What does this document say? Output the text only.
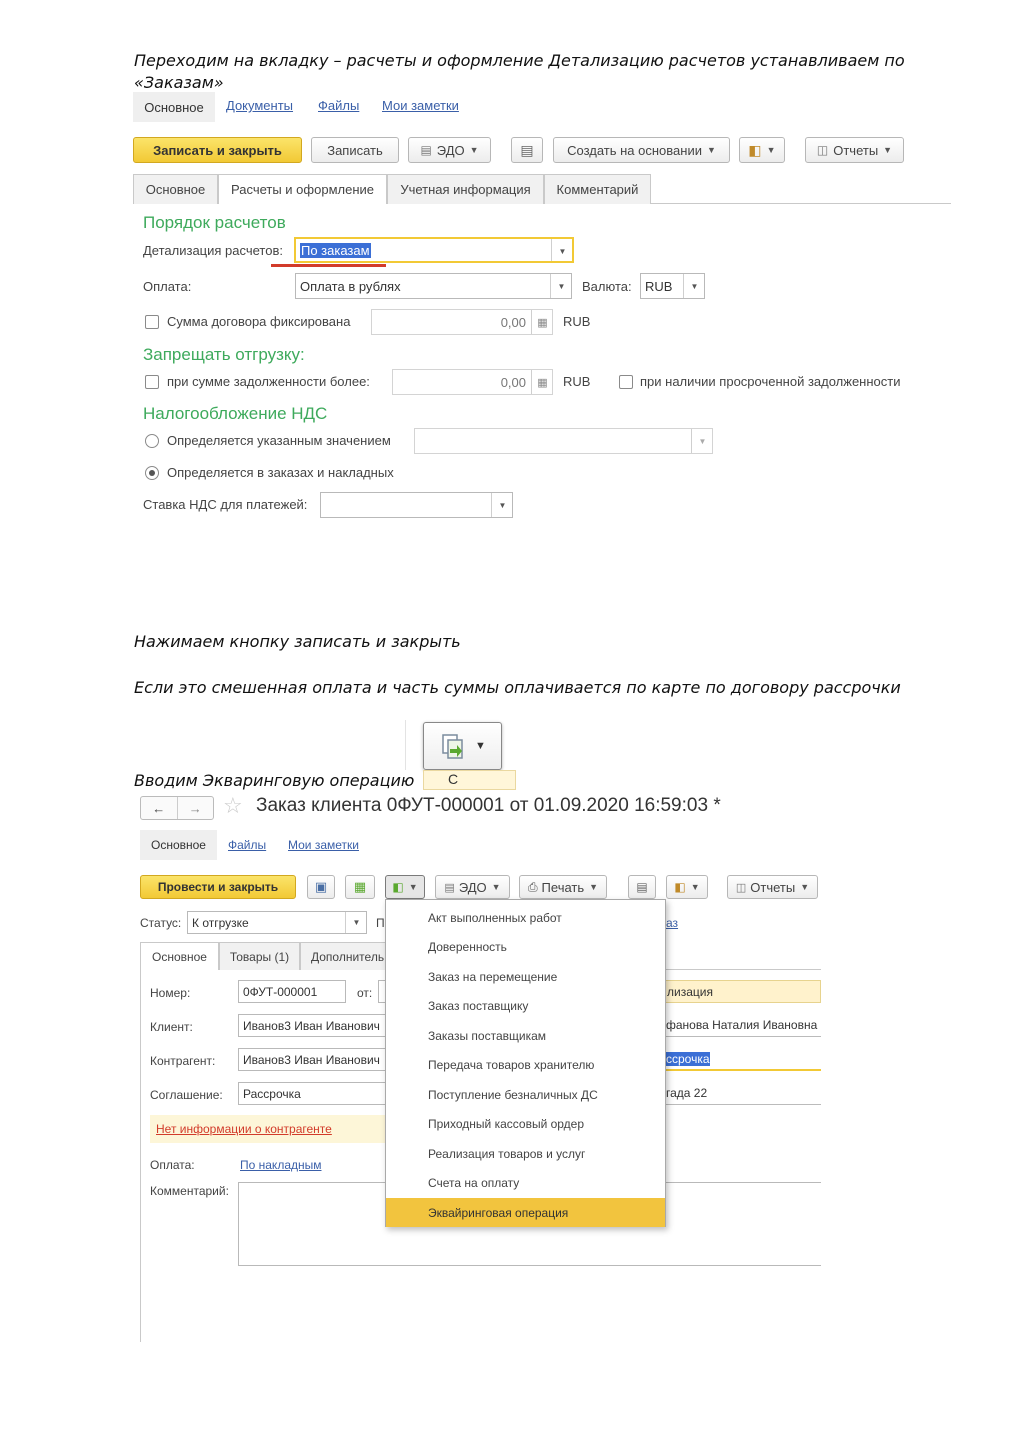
Переходим на вкладку – расчеты и оформление Детализацию расчетов устанавливаем по
«Заказам»
Основное Документы Файлы Мои заметки
Записать и закрыть	Записать	▤ ЭДО ▼	▤	Создать на основании ▼ ◧ ▼	◫ Отчеты ▼
Основное Расчеты и оформление Учетная информация Комментарий
Порядок расчетов
Детализация расчетов: По заказам	▼
Оплата:	Оплата в рублях	▼	Валюта: RUB	▼
Сумма договора фиксирована	0,00	▦	RUB
Запрещать отгрузку:
при сумме задолженности более:	0,00	▦	RUB	при наличии просроченной задолженности
Налогообложение НДС
Определяется указанным значением	▼
Определяется в заказах и накладных
Ставка НДС для платежей:	▼
Нажимаем кнопку записать и закрыть
Если это смешенная оплата и часть суммы оплачивается по карте по договору рассрочки
▼
С
Вводим Экваринговую операцию
←	→ ☆ Заказ клиента 0ФУТ-000001 от 01.09.2020 16:59:03 *
Основное Файлы Мои заметки
Провести и закрыть	▣ ▦ ◧ ▼ ▤ ЭДО ▼ ⎙ Печать ▼	▤ ◧ ▼	◫ Отчеты ▼
Статус: К отгрузке	▼	П	аз
Основное Товары (1) Дополнитель
Номер:	0ФУТ-000001	от:	лизация
Клиент:	Иванов3 Иван Иванович	фанова Наталия Ивановна
Контрагент: Иванов3 Иван Иванович	ссрочка
Соглашение: Рассрочка	гада 22
Нет информации о контрагенте
Оплата:	По накладным
Комментарий:
Акт выполненных работ
Доверенность
Заказ на перемещение
Заказ поставщику
Заказы поставщикам
Передача товаров хранителю
Поступление безналичных ДС
Приходный кассовый ордер
Реализация товаров и услуг
Счета на оплату
Эквайринговая операция
